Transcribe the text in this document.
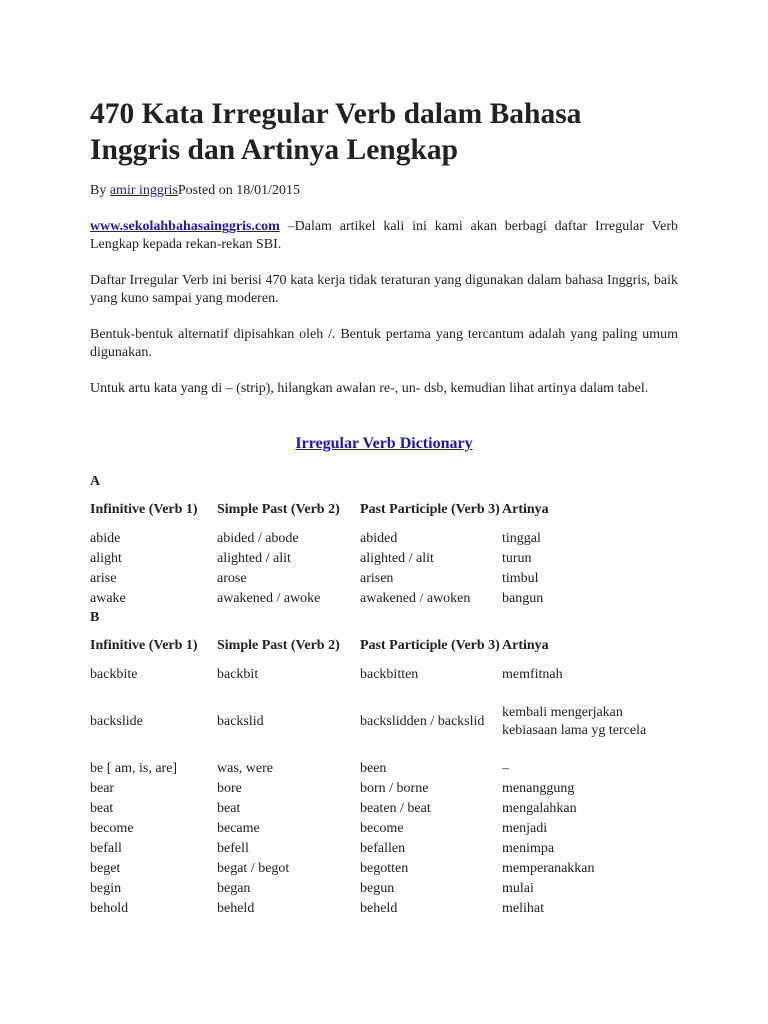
470 Kata Irregular Verb dalam Bahasa Inggris dan Artinya Lengkap
By amir inggrisPosted on 18/01/2015

www.sekolahbahasainggris.com –Dalam artikel kali ini kami akan berbagi daftar Irregular Verb Lengkap kepada rekan-rekan SBI.

Daftar Irregular Verb ini berisi 470 kata kerja tidak teraturan yang digunakan dalam bahasa Inggris, baik yang kuno sampai yang moderen.

Bentuk-bentuk alternatif dipisahkan oleh /. Bentuk pertama yang tercantum adalah yang paling umum digunakan.

Untuk artu kata yang di – (strip), hilangkan awalan re-, un- dsb, kemudian lihat artinya dalam tabel.

Irregular Verb Dictionary
A
Infinitive (Verb 1)	Simple Past (Verb 2)	Past Participle (Verb 3)	Artinya
abide	abided / abode	abided	tinggal
alight	alighted / alit	alighted / alit	turun
arise	arose	arisen	timbul
awake	awakened / awoke	awakened / awoken	bangun
B
Infinitive (Verb 1)	Simple Past (Verb 2)	Past Participle (Verb 3)	Artinya
backbite	backbit	backbitten	memfitnah
backslide	backslid	backslidden / backslid	kembali mengerjakan kebiasaan lama yg tercela
be [ am, is, are]	was, were	been	–
bear	bore	born / borne	menanggung
beat	beat	beaten / beat	mengalahkan
become	became	become	menjadi
befall	befell	befallen	menimpa
beget	begat / begot	begotten	memperanakkan
begin	began	begun	mulai
behold	beheld	beheld	melihat
